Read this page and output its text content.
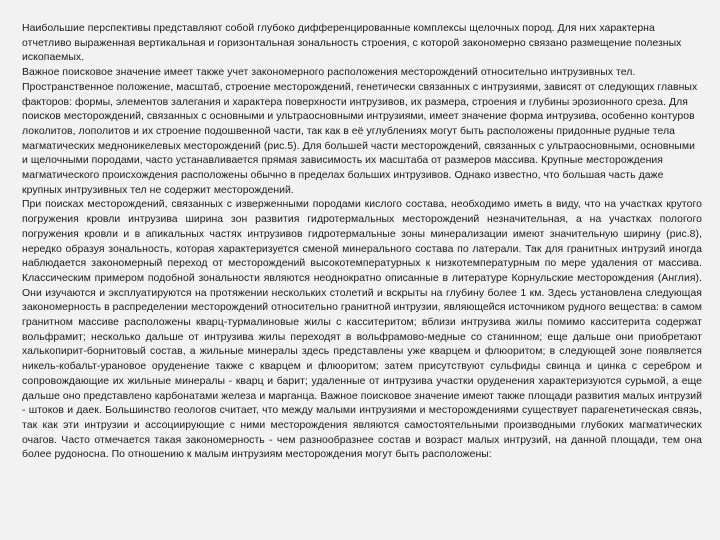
Наибольшие перспективы представляют собой глубоко дифференцированные комплексы щелочных пород. Для них характерна отчетливо выраженная вертикальная и горизонтальная зональность строения, с которой закономерно связано размещение полезных ископаемых.

Важное поисковое значение имеет также учет закономерного расположения месторождений относительно интрузивных тел. Пространственное положение, масштаб, строение месторождений, генетически связанных с интрузиями, зависят от следующих главных факторов: формы, элементов залегания и характера поверхности интрузивов, их размера, строения и глубины эрозионного среза. Для поисков месторождений, связанных с основными и ультраосновными интрузиями, имеет значение форма интрузива, особенно контуров локолитов, лополитов и их строение подошвенной части, так как в её углублениях могут быть расположены придонные рудные тела магматических медноникелевых месторождений (рис.5). Для большей части месторождений, связанных с ультраосновными, основными и щелочными породами, часто устанавливается прямая зависимость их масштаба от размеров массива. Крупные месторождения магматического происхождения расположены обычно в пределах больших интрузивов. Однако известно, что большая часть даже крупных интрузивных тел не содержит месторождений.

При поисках месторождений, связанных с изверженными породами кислого состава, необходимо иметь в виду, что на участках крутого погружения кровли интрузива ширина зон развития гидротермальных месторождений незначительная, а на участках пологого погружения кровли и в апикальных частях интрузивов гидротермальные зоны минерализации имеют значительную ширину (рис.8), нередко образуя зональность, которая характеризуется сменой минерального состава по латерали. Так для гранитных интрузий иногда наблюдается закономерный переход от месторождений высокотемпературных к низкотемпературным по мере удаления от массива. Классическим примером подобной зональности являются неоднократно описанные в литературе Корнульские месторождения (Англия). Они изучаются и эксплуатируются на протяжении нескольких столетий и вскрыты на глубину более 1 км. Здесь установлена следующая закономерность в распределении месторождений относительно гранитной интрузии, являющейся источником рудного вещества: в самом гранитном массиве расположены кварц-турмалиновые жилы с касситеритом; вблизи интрузива жилы помимо касситерита содержат вольфрамит; несколько дальше от интрузива жилы переходят в вольфрамово-медные со станинном; еще дальше они приобретают халькопирит-борнитовый состав, а жильные минералы здесь представлены уже кварцем и флюоритом; в следующей зоне появляется никель-кобальт-урановое оруденение также с кварцем и флюоритом; затем присутствуют сульфиды свинца и цинка с серебром и сопровождающие их жильные минералы - кварц и барит; удаленные от интрузива участки оруденения характеризуются сурьмой, а еще дальше оно представлено карбонатами железа и марганца. Важное поисковое значение имеют также площади развития малых интрузий - штоков и даек. Большинство геологов считает, что между малыми интрузиями и месторождениями существует парагенетическая связь, так как эти интрузии и ассоциирующие с ними месторождения являются самостоятельными производными глубоких магматических очагов. Часто отмечается такая закономерность - чем разнообразнее состав и возраст малых интрузий, на данной площади, тем она более рудоносна. По отношению к малым интрузиям месторождения могут быть расположены:
